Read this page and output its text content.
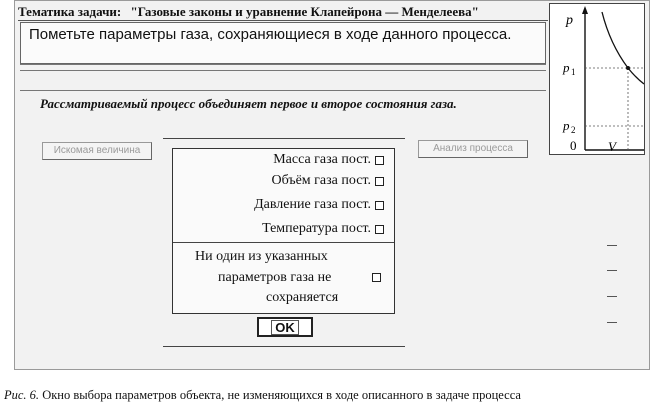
Тематика задачи: "Газовые законы и уравнение Клапейрона — Менделеева"
Пометьте параметры газа, сохраняющиеся в ходе данного процесса.
Рассматриваемый процесс объединяет первое и второе состояния газа.
Искомая величина	Анализ процесса
Масса газа пост.
Объём газа пост.
Давление газа пост.
Температура пост.
Ни один из указанных
параметров газа не
сохраняется
OK
p
p 1
p 2
0 V
Рис. 6. Окно выбора параметров объекта, не изменяющихся в ходе описанного в задаче процесса
